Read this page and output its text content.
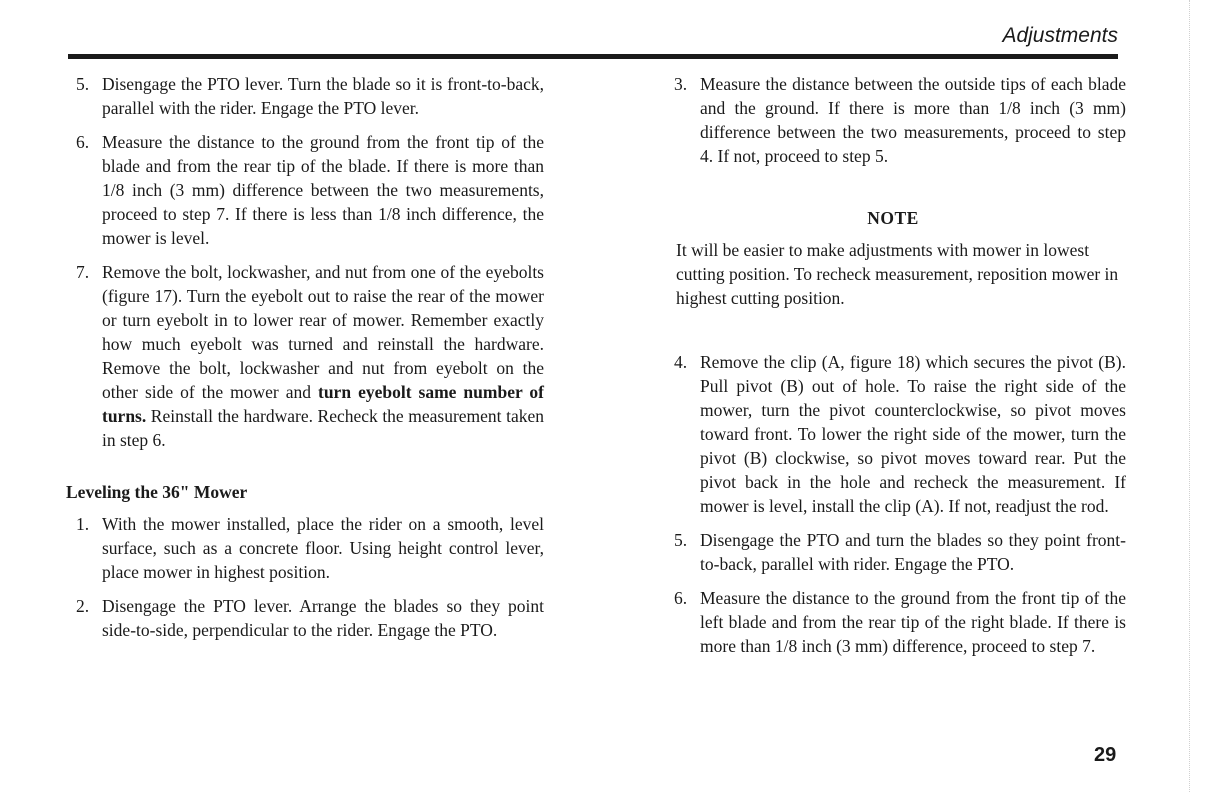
Adjustments
5. Disengage the PTO lever. Turn the blade so it is front-to-back, parallel with the rider. Engage the PTO lever.
6. Measure the distance to the ground from the front tip of the blade and from the rear tip of the blade. If there is more than 1/8 inch (3 mm) difference between the two measurements, proceed to step 7. If there is less than 1/8 inch difference, the mower is level.
7. Remove the bolt, lockwasher, and nut from one of the eyebolts (figure 17). Turn the eyebolt out to raise the rear of the mower or turn eyebolt in to lower rear of mower. Remember exactly how much eyebolt was turned and reinstall the hardware. Remove the bolt, lockwasher and nut from eyebolt on the other side of the mower and turn eyebolt same number of turns. Reinstall the hardware. Recheck the measurement taken in step 6.
Leveling the 36" Mower
1. With the mower installed, place the rider on a smooth, level surface, such as a concrete floor. Using height control lever, place mower in highest position.
2. Disengage the PTO lever. Arrange the blades so they point side-to-side, perpendicular to the rider. Engage the PTO.
3. Measure the distance between the outside tips of each blade and the ground. If there is more than 1/8 inch (3 mm) difference between the two measurements, proceed to step 4. If not, proceed to step 5.
NOTE
It will be easier to make adjustments with mower in lowest cutting position. To recheck measurement, reposition mower in highest cutting position.
4. Remove the clip (A, figure 18) which secures the pivot (B). Pull pivot (B) out of hole. To raise the right side of the mower, turn the pivot counterclockwise, so pivot moves toward front. To lower the right side of the mower, turn the pivot (B) clockwise, so pivot moves toward rear. Put the pivot back in the hole and recheck the measurement. If mower is level, install the clip (A). If not, readjust the rod.
5. Disengage the PTO and turn the blades so they point front-to-back, parallel with rider. Engage the PTO.
6. Measure the distance to the ground from the front tip of the left blade and from the rear tip of the right blade. If there is more than 1/8 inch (3 mm) difference, proceed to step 7.
29
